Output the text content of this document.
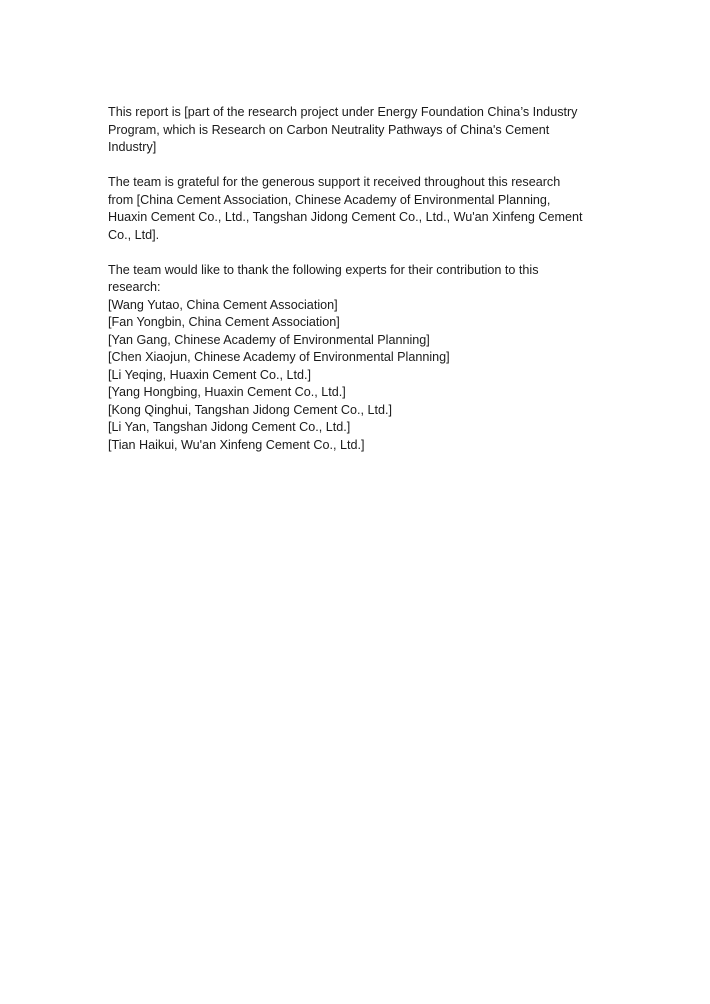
This report is [part of the research project under Energy Foundation China’s Industry
Program, which is Research on Carbon Neutrality Pathways of China's Cement
Industry]

The team is grateful for the generous support it received throughout this research
from [China Cement Association, Chinese Academy of Environmental Planning,
Huaxin Cement Co., Ltd., Tangshan Jidong Cement Co., Ltd., Wu'an Xinfeng Cement
Co., Ltd].

The team would like to thank the following experts for their contribution to this
research:
[Wang Yutao, China Cement Association]
[Fan Yongbin, China Cement Association]
[Yan Gang, Chinese Academy of Environmental Planning]
[Chen Xiaojun, Chinese Academy of Environmental Planning]
[Li Yeqing, Huaxin Cement Co., Ltd.]
[Yang Hongbing, Huaxin Cement Co., Ltd.]
[Kong Qinghui, Tangshan Jidong Cement Co., Ltd.]
[Li Yan, Tangshan Jidong Cement Co., Ltd.]
[Tian Haikui, Wu'an Xinfeng Cement Co., Ltd.]
